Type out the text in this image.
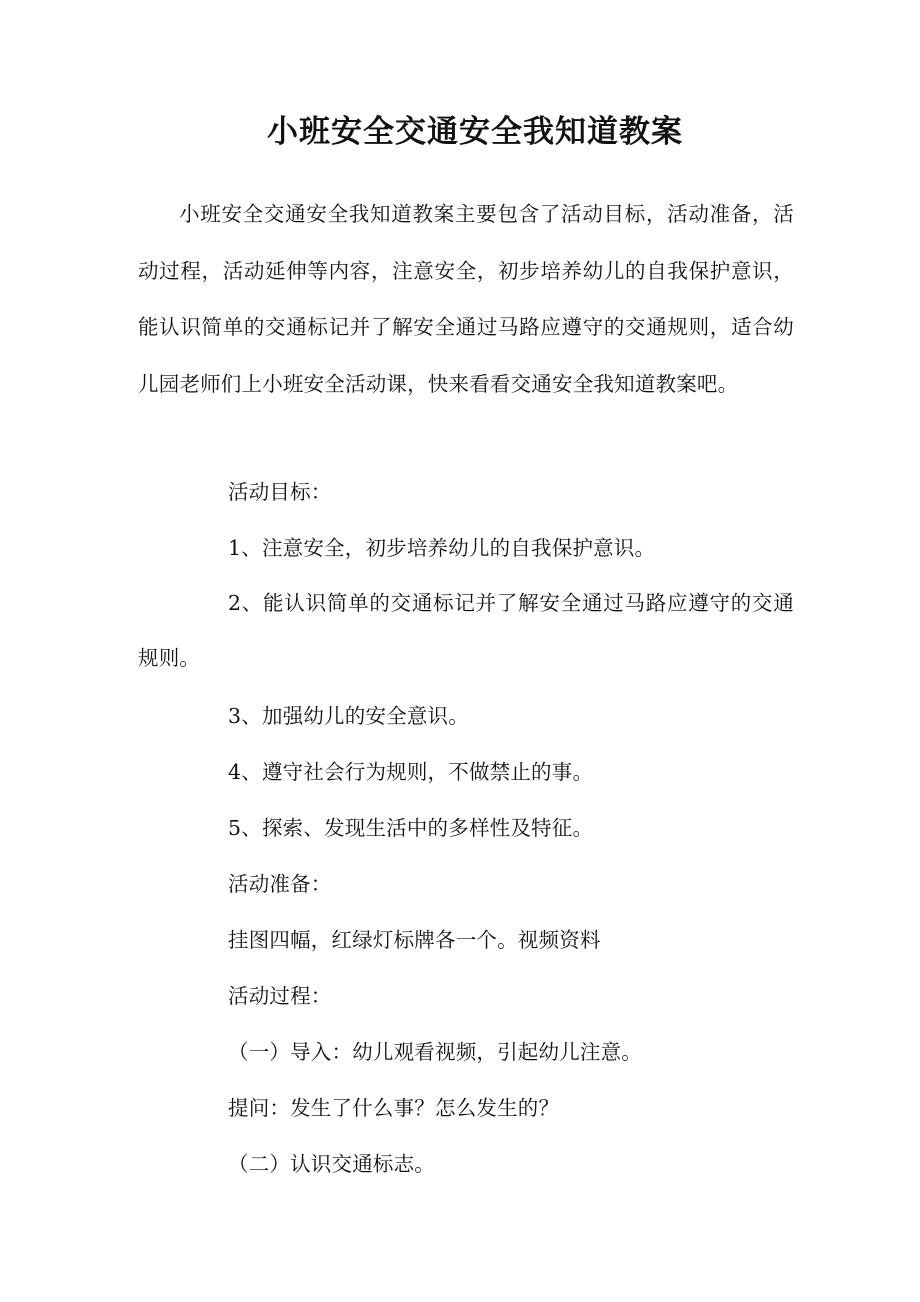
小班安全交通安全我知道教案

小班安全交通安全我知道教案主要包含了活动目标，活动准备，活动过程，活动延伸等内容，注意安全，初步培养幼儿的自我保护意识，能认识简单的交通标记并了解安全通过马路应遵守的交通规则，适合幼儿园老师们上小班安全活动课，快来看看交通安全我知道教案吧。

活动目标：

1、注意安全，初步培养幼儿的自我保护意识。

2、能认识简单的交通标记并了解安全通过马路应遵守的交通规则。

3、加强幼儿的安全意识。

4、遵守社会行为规则，不做禁止的事。

5、探索、发现生活中的多样性及特征。

活动准备：

挂图四幅，红绿灯标牌各一个。视频资料

活动过程：

（一）导入：幼儿观看视频，引起幼儿注意。

提问：发生了什么事？怎么发生的？

（二）认识交通标志。
